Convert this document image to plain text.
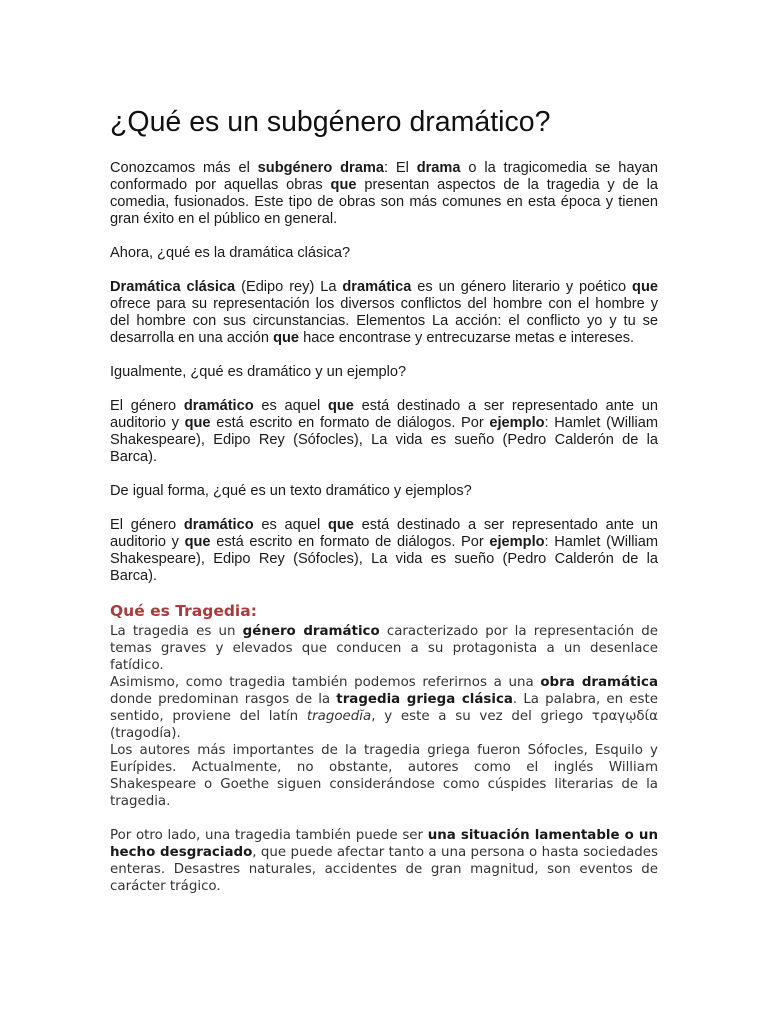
¿Qué es un subgénero dramático?

Conozcamos más el subgénero drama: El drama o la tragicomedia se hayan conformado por aquellas obras que presentan aspectos de la tragedia y de la comedia, fusionados. Este tipo de obras son más comunes en esta época y tienen gran éxito en el público en general.

Ahora, ¿qué es la dramática clásica?

Dramática clásica (Edipo rey) La dramática es un género literario y poético que ofrece para su representación los diversos conflictos del hombre con el hombre y del hombre con sus circunstancias. Elementos La acción: el conflicto yo y tu se desarrolla en una acción que hace encontrase y entrecuzarse metas e intereses.

Igualmente, ¿qué es dramático y un ejemplo?

El género dramático es aquel que está destinado a ser representado ante un auditorio y que está escrito en formato de diálogos. Por ejemplo: Hamlet (William Shakespeare), Edipo Rey (Sófocles), La vida es sueño (Pedro Calderón de la Barca).

De igual forma, ¿qué es un texto dramático y ejemplos?

El género dramático es aquel que está destinado a ser representado ante un auditorio y que está escrito en formato de diálogos. Por ejemplo: Hamlet (William Shakespeare), Edipo Rey (Sófocles), La vida es sueño (Pedro Calderón de la Barca).

Qué es Tragedia:

La tragedia es un género dramático caracterizado por la representación de temas graves y elevados que conducen a su protagonista a un desenlace fatídico.

Asimismo, como tragedia también podemos referirnos a una obra dramática donde predominan rasgos de la tragedia griega clásica. La palabra, en este sentido, proviene del latín tragoedĭa, y este a su vez del griego τραγῳδία (tragodía).

Los autores más importantes de la tragedia griega fueron Sófocles, Esquilo y Eurípides. Actualmente, no obstante, autores como el inglés William Shakespeare o Goethe siguen considerándose como cúspides literarias de la tragedia.

Por otro lado, una tragedia también puede ser una situación lamentable o un hecho desgraciado, que puede afectar tanto a una persona o hasta sociedades enteras. Desastres naturales, accidentes de gran magnitud, son eventos de carácter trágico.
